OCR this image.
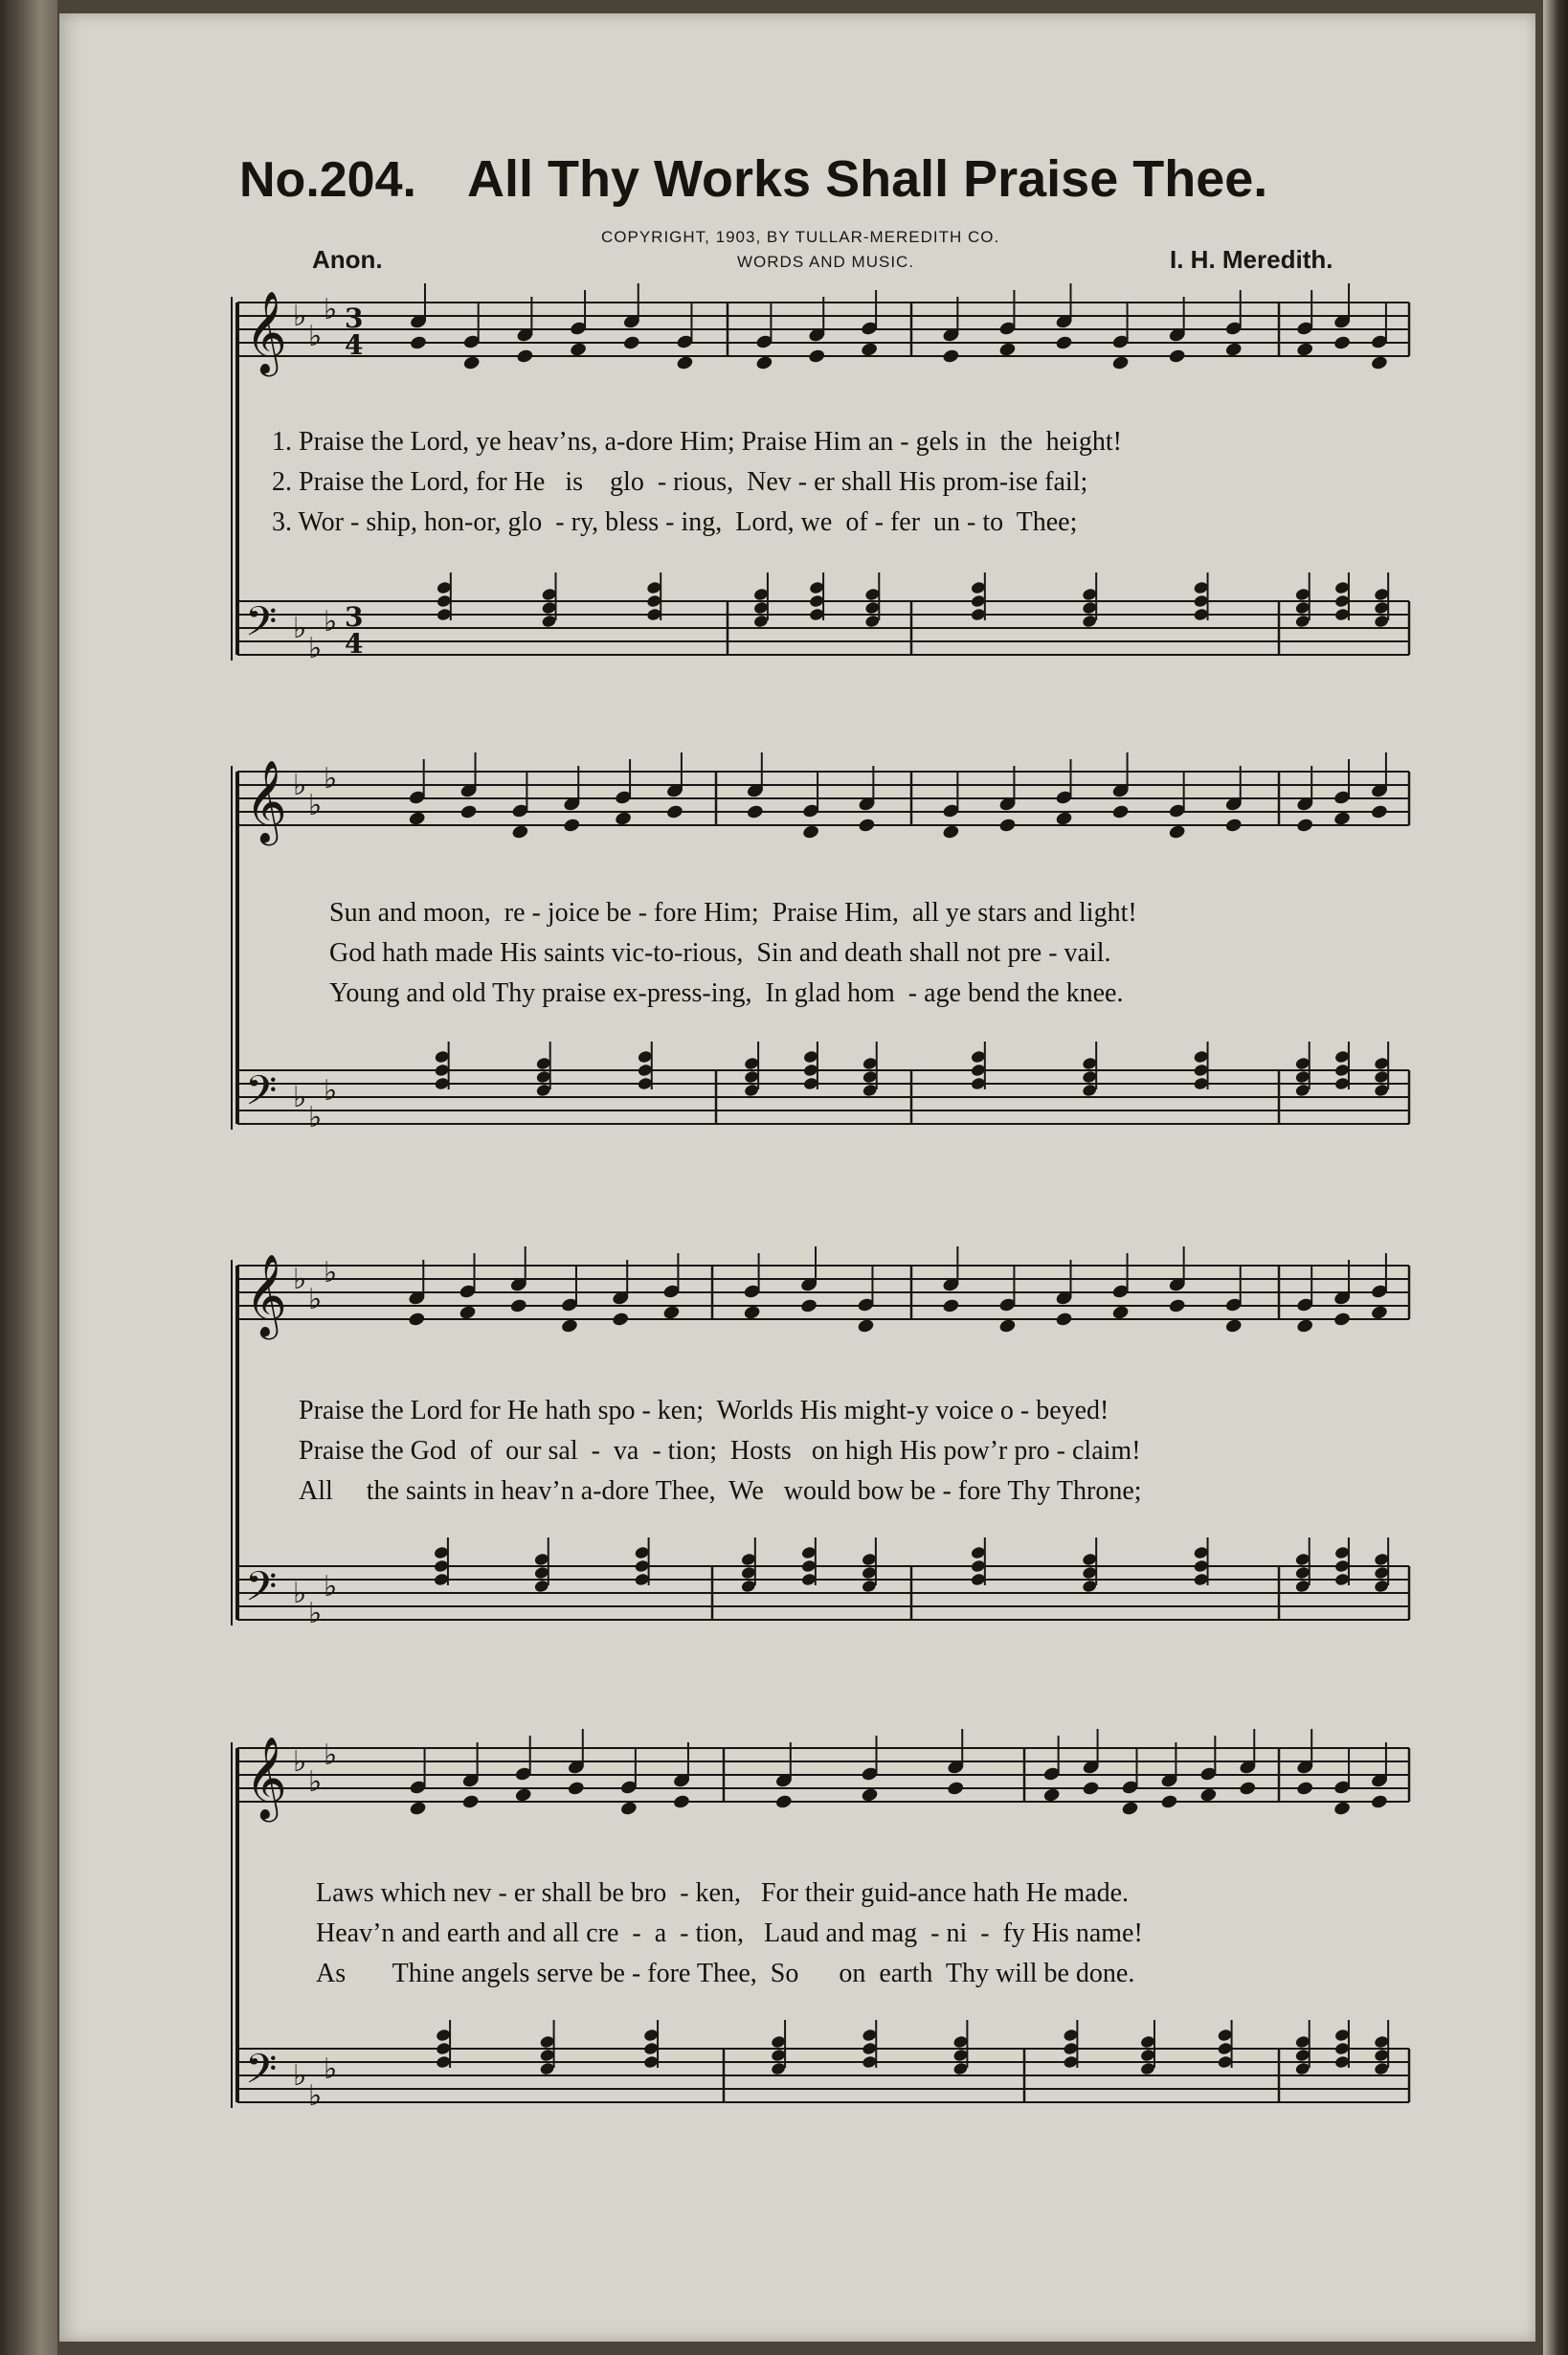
No.204. All Thy Works Shall Praise Thee.
Anon.
COPYRIGHT, 1903, BY TULLAR-MEREDITH CO.
WORDS AND MUSIC.	I. H. Meredith.
𝄞 ♭
♭
♭ 3
4
𝄢 ♭
♭
♭ 3
4
𝄞 ♭
♭
♭
𝄢 ♭
♭
♭
𝄞 ♭
♭
♭
𝄢 ♭
♭
♭
𝄞 ♭
♭
♭
𝄢 ♭
♭
♭
1. Praise the Lord, ye heav’ns, a-dore Him; Praise Him an - gels in  the  height!
2. Praise the Lord, for He   is    glo  - rious,  Nev - er shall His prom-ise fail;
3. Wor - ship, hon-or, glo  - ry, bless - ing,  Lord, we  of - fer  un - to  Thee;
Sun and moon,  re - joice be - fore Him;  Praise Him,  all ye stars and light!
God hath made His saints vic-to-rious,  Sin and death shall not pre - vail.
Young and old Thy praise ex-press-ing,  In glad hom  - age bend the knee.
Praise the Lord for He hath spo - ken;  Worlds His might-y voice o - beyed!
Praise the God  of  our sal  -  va  - tion;  Hosts   on high His pow’r pro - claim!
All     the saints in heav’n a-dore Thee,  We   would bow be - fore Thy Throne;
Laws which nev - er shall be bro  - ken,   For their guid-ance hath He made.
Heav’n and earth and all cre  -  a  - tion,   Laud and mag  - ni  -  fy His name!
As       Thine angels serve be - fore Thee,  So      on  earth  Thy will be done.
